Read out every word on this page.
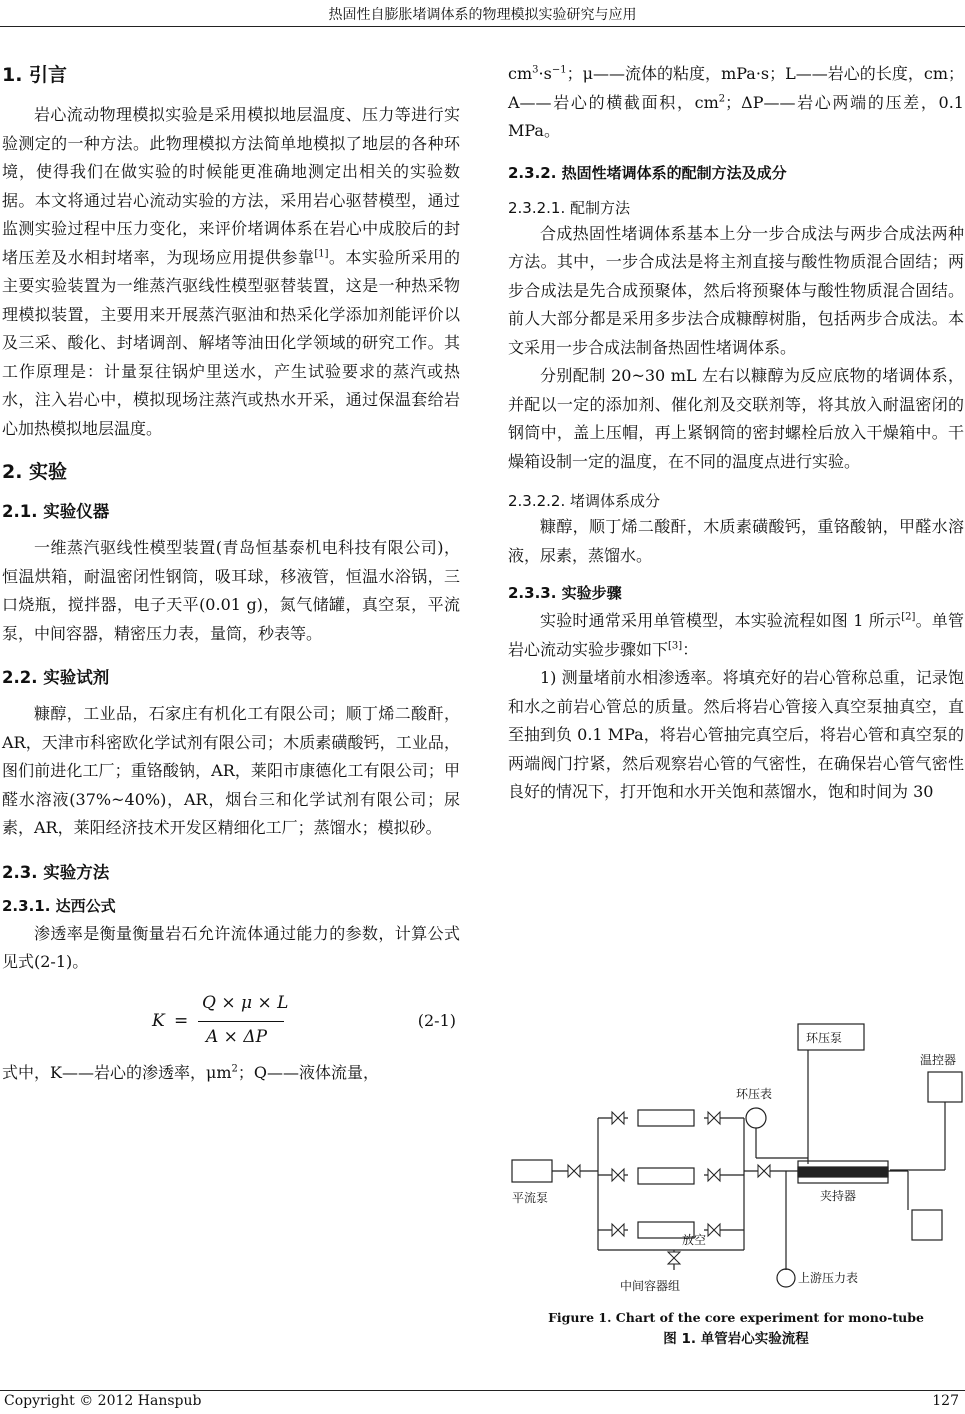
热固性自膨胀堵调体系的物理模拟实验研究与应用
1. 引言

岩心流动物理模拟实验是采用模拟地层温度、压力等进行实验测定的一种方法。此物理模拟方法简单地模拟了地层的各种环境，使得我们在做实验的时候能更准确地测定出相关的实验数据。本文将通过岩心流动实验的方法，采用岩心驱替模型，通过监测实验过程中压力变化，来评价堵调体系在岩心中成胶后的封堵压差及水相封堵率，为现场应用提供参靠[1]。本实验所采用的主要实验装置为一维蒸汽驱线性模型驱替装置，这是一种热采物理模拟装置，主要用来开展蒸汽驱油和热采化学添加剂能评价以及三采、酸化、封堵调剖、解堵等油田化学领域的研究工作。其工作原理是：计量泵往锅炉里送水，产生试验要求的蒸汽或热水，注入岩心中，模拟现场注蒸汽或热水开采，通过保温套给岩心加热模拟地层温度。

2. 实验
2.1. 实验仪器

一维蒸汽驱线性模型装置(青岛恒基泰机电科技有限公司)，恒温烘箱，耐温密闭性钢筒，吸耳球，移液管，恒温水浴锅，三口烧瓶，搅拌器，电子天平(0.01 g)，氮气储罐，真空泵，平流泵，中间容器，精密压力表，量筒，秒表等。

2.2. 实验试剂

糠醇，工业品，石家庄有机化工有限公司；顺丁烯二酸酐，AR，天津市科密欧化学试剂有限公司；木质素磺酸钙，工业品，图们前进化工厂；重铬酸钠，AR，莱阳市康德化工有限公司；甲醛水溶液(37%~40%)，AR，烟台三和化学试剂有限公司；尿素，AR，莱阳经济技术开发区精细化工厂；蒸馏水；模拟砂。

2.3. 实验方法
2.3.1. 达西公式

渗透率是衡量衡量岩石允许流体通过能力的参数，计算公式见式(2-1)。

K =
Q × μ × L
A × ΔP
(2-1)

式中，K——岩心的渗透率，$\mu m^2$；Q——液体流量，

$cm^3\cdot s^{-1}$；μ——流体的粘度，mPa·s；L——岩心的长度，cm；A——岩心的横截面积，$cm^2$；ΔP——岩心两端的压差，0.1 MPa。

2.3.2. 热固性堵调体系的配制方法及成分
2.3.2.1. 配制方法

合成热固性堵调体系基本上分一步合成法与两步合成法两种方法。其中，一步合成法是将主剂直接与酸性物质混合固结；两步合成法是先合成预聚体，然后将预聚体与酸性物质混合固结。前人大部分都是采用多步法合成糠醇树脂，包括两步合成法。本文采用一步合成法制备热固性堵调体系。

分别配制 20~30 mL 左右以糠醇为反应底物的堵调体系，并配以一定的添加剂、催化剂及交联剂等，将其放入耐温密闭的钢筒中，盖上压帽，再上紧钢筒的密封螺栓后放入干燥箱中。干燥箱设制一定的温度，在不同的温度点进行实验。

2.3.2.2. 堵调体系成分

糠醇，顺丁烯二酸酐，木质素磺酸钙，重铬酸钠，甲醛水溶液，尿素，蒸馏水。

2.3.3. 实验步骤

实验时通常采用单管模型，本实验流程如图 1 所示[2]。单管岩心流动实验步骤如下[3]：

1) 测量堵前水相渗透率。将填充好的岩心管称总重，记录饱和水之前岩心管总的质量。然后将岩心管接入真空泵抽真空，直至抽到负 0.1 MPa，将岩心管抽完真空后，将岩心管和真空泵的两端阀门拧紧，然后观察岩心管的气密性，在确保岩心管气密性良好的情况下，打开饱和水开关饱和蒸馏水，饱和时间为 30

环压泵
温控器
环压表
平流泵	夹持器
放空
中间容器组
上游压力表
Figure 1. Chart of the core experiment for mono-tube
图 1. 单管岩心实验流程
Copyright © 2012 Hanspub	127
